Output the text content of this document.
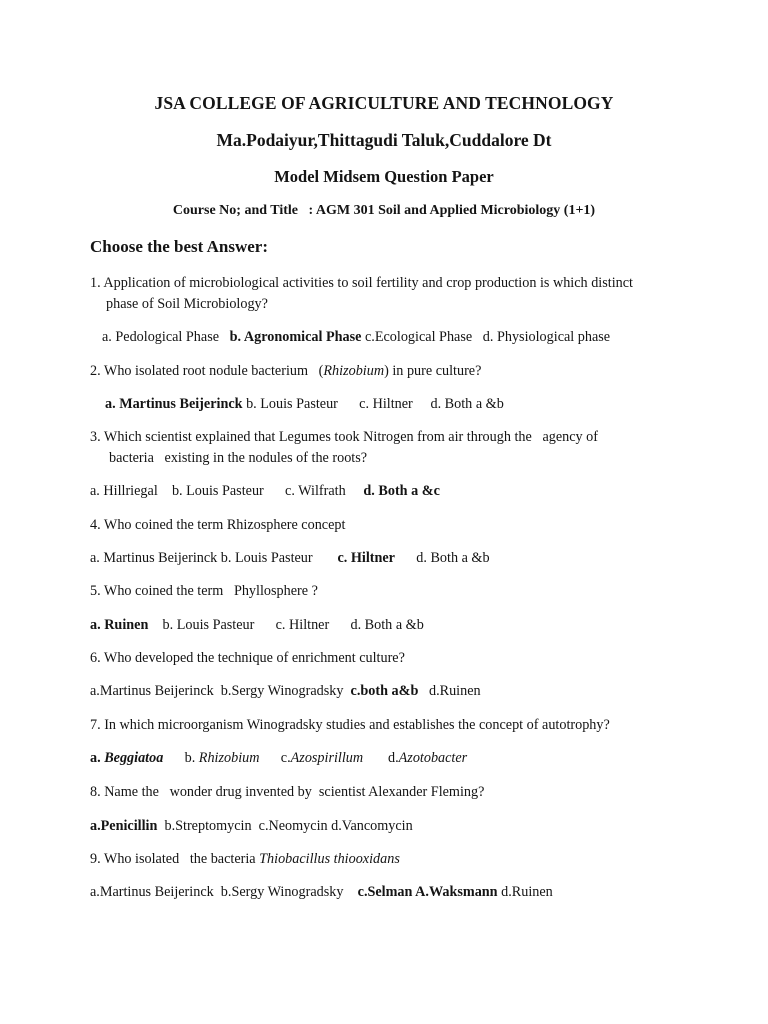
JSA COLLEGE OF AGRICULTURE AND TECHNOLOGY
Ma.Podaiyur,Thittagudi Taluk,Cuddalore Dt
Model Midsem Question Paper
Course No; and Title   : AGM 301 Soil and Applied Microbiology (1+1)
Choose the best Answer:
1. Application of microbiological activities to soil fertility and crop production is which distinct
phase of Soil Microbiology?
a. Pedological Phase   b. Agronomical Phase c.Ecological Phase   d. Physiological phase
2. Who isolated root nodule bacterium   (Rhizobium) in pure culture?
a. Martinus Beijerinck b. Louis Pasteur      c. Hiltner     d. Both a &b
3. Which scientist explained that Legumes took Nitrogen from air through the   agency of
bacteria   existing in the nodules of the roots?
a. Hillriegal    b. Louis Pasteur      c. Wilfrath     d. Both a &c
4. Who coined the term Rhizosphere concept
a. Martinus Beijerinck b. Louis Pasteur       c. Hiltner      d. Both a &b
5. Who coined the term   Phyllosphere ?
a. Ruinen    b. Louis Pasteur      c. Hiltner      d. Both a &b
6. Who developed the technique of enrichment culture?
a.Martinus Beijerinck  b.Sergy Winogradsky  c.both a&b   d.Ruinen
7. In which microorganism Winogradsky studies and establishes the concept of autotrophy?
a. Beggiatoa      b. Rhizobium      c.Azospirillum       d.Azotobacter
8. Name the   wonder drug invented by  scientist Alexander Fleming?
a.Penicillin  b.Streptomycin  c.Neomycin d.Vancomycin
9. Who isolated   the bacteria Thiobacillus thiooxidans
a.Martinus Beijerinck  b.Sergy Winogradsky    c.Selman A.Waksmann d.Ruinen
